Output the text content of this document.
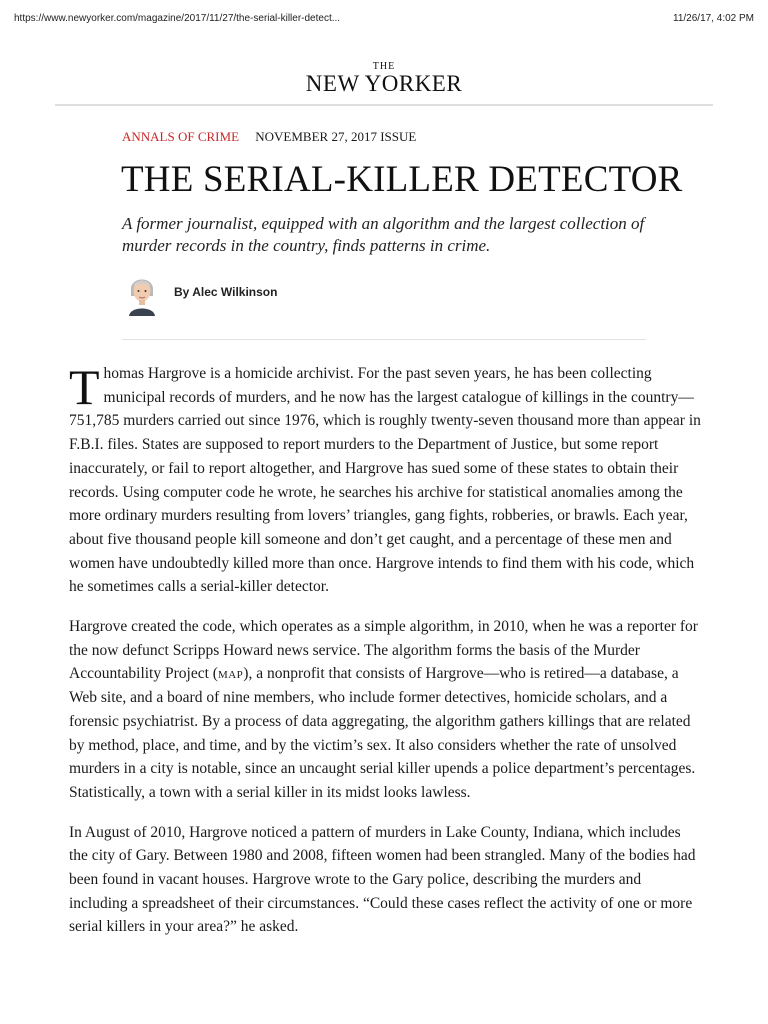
https://www.newyorker.com/magazine/2017/11/27/the-serial-killer-detect...	11/26/17, 4:02 PM
THE
NEW YORKER
ANNALS OF CRIME NOVEMBER 27, 2017 ISSUE
THE SERIAL-KILLER DETECTOR

A former journalist, equipped with an algorithm and the largest collection of murder records in the country, finds patterns in crime.

By Alec Wilkinson

T homas Hargrove is a homicide archivist. For the past seven years, he has been collecting municipal records of murders, and he now has the largest catalogue of killings in the country—751,785 murders carried out since 1976, which is roughly twenty-seven thousand more than appear in F.B.I. files. States are supposed to report murders to the Department of Justice, but some report inaccurately, or fail to report altogether, and Hargrove has sued some of these states to obtain their records. Using computer code he wrote, he searches his archive for statistical anomalies among the more ordinary murders resulting from lovers’ triangles, gang fights, robberies, or brawls. Each year, about five thousand people kill someone and don’t get caught, and a percentage of these men and women have undoubtedly killed more than once. Hargrove intends to find them with his code, which he sometimes calls a serial-killer detector.

Hargrove created the code, which operates as a simple algorithm, in 2010, when he was a reporter for the now defunct Scripps Howard news service. The algorithm forms the basis of the Murder Accountability Project (map), a nonprofit that consists of Hargrove—who is retired—a database, a Web site, and a board of nine members, who include former detectives, homicide scholars, and a forensic psychiatrist. By a process of data aggregating, the algorithm gathers killings that are related by method, place, and time, and by the victim’s sex. It also considers whether the rate of unsolved murders in a city is notable, since an uncaught serial killer upends a police department’s percentages. Statistically, a town with a serial killer in its midst looks lawless.

In August of 2010, Hargrove noticed a pattern of murders in Lake County, Indiana, which includes the city of Gary. Between 1980 and 2008, fifteen women had been strangled. Many of the bodies had been found in vacant houses. Hargrove wrote to the Gary police, describing the murders and including a spreadsheet of their circumstances. “Could these cases reflect the activity of one or more serial killers in your area?” he asked.
